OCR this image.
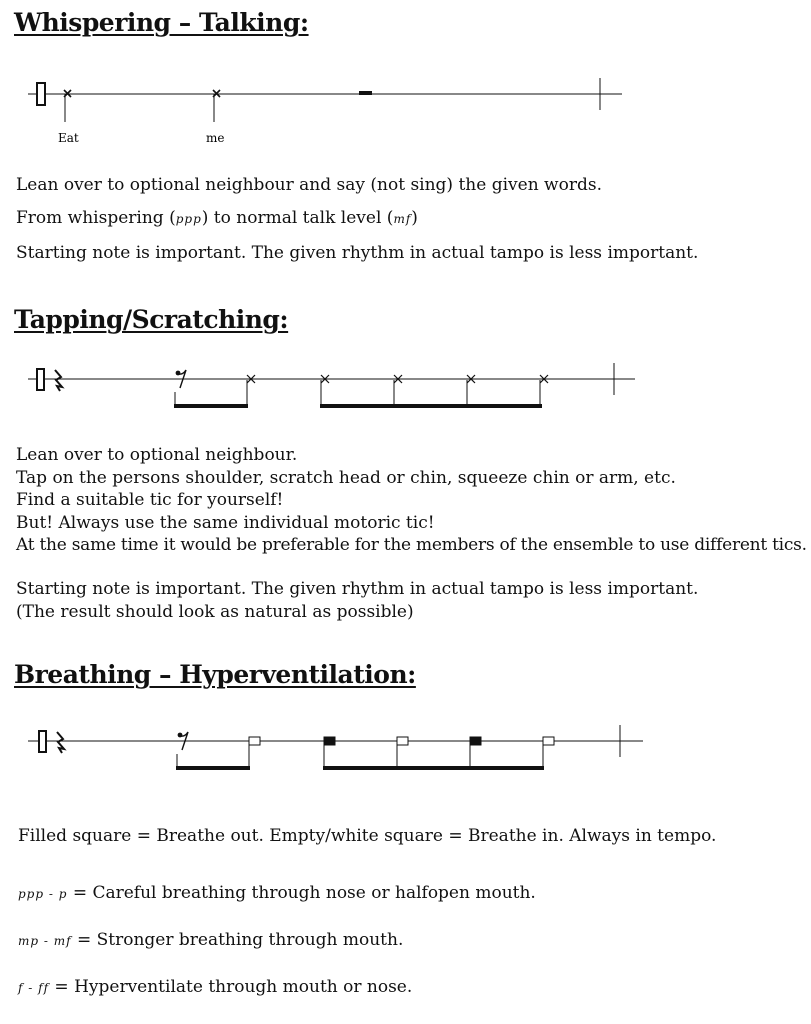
Whispering – Talking:
Eat	me

Lean over to optional neighbour and say (not sing) the given words.

From whispering (ppp) to normal talk level (mf)

Starting note is important. The given rhythm in actual tampo is less important.

Tapping/Scratching:

Lean over to optional neighbour.

Tap on the persons shoulder, scratch head or chin, squeeze chin or arm, etc.

Find a suitable tic for yourself!

But! Always use the same individual motoric tic!

At the same time it would be preferable for the members of the ensemble to use different tics.

Starting note is important. The given rhythm in actual tampo is less important.

(The result should look as natural as possible)

Breathing – Hyperventilation:

Filled square = Breathe out. Empty/white square = Breathe in. Always in tempo.

ppp - p = Careful breathing through nose or halfopen mouth.

mp - mf = Stronger breathing through mouth.

f - ff = Hyperventilate through mouth or nose.
